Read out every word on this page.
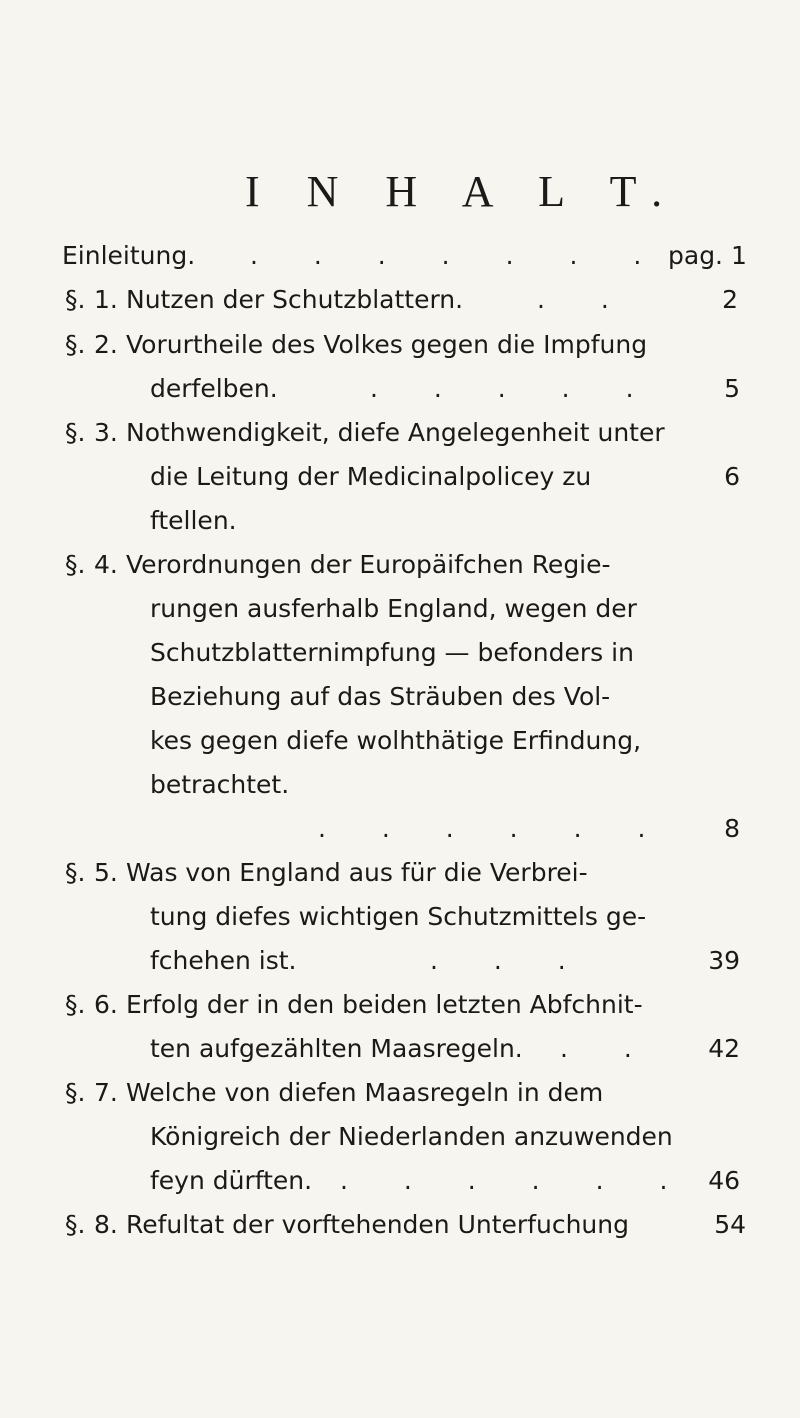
I N H A L T.
Einleitung. . . . . . . . pag. 1
§. 1. Nutzen der Schutzblattern.	. .	2
§. 2. Vorurtheile des Volkes gegen die Impfung
derfelben.	. . . . .	5
§. 3. Nothwendigkeit, diefe Angelegenheit unter
die Leitung der Medicinalpolicey zu	6
ftellen.
§. 4. Verordnungen der Europäifchen Regie-
rungen ausferhalb England, wegen der
Schutzblatternimpfung — befonders in
Beziehung auf das Sträuben des Vol-
kes gegen diefe wolhthätige Erfindung,
betrachtet.
. . . . . .	8
§. 5. Was von England aus für die Verbrei-
tung diefes wichtigen Schutzmittels ge-
fchehen ist.	. . .	39
§. 6. Erfolg der in den beiden letzten Abfchnit-
ten aufgezählten Maasregeln. . .	42
§. 7. Welche von diefen Maasregeln in dem
Königreich der Niederlanden anzuwenden
feyn dürften. . . . . . . 46
§. 8. Refultat der vorftehenden Unterfuchung	54
